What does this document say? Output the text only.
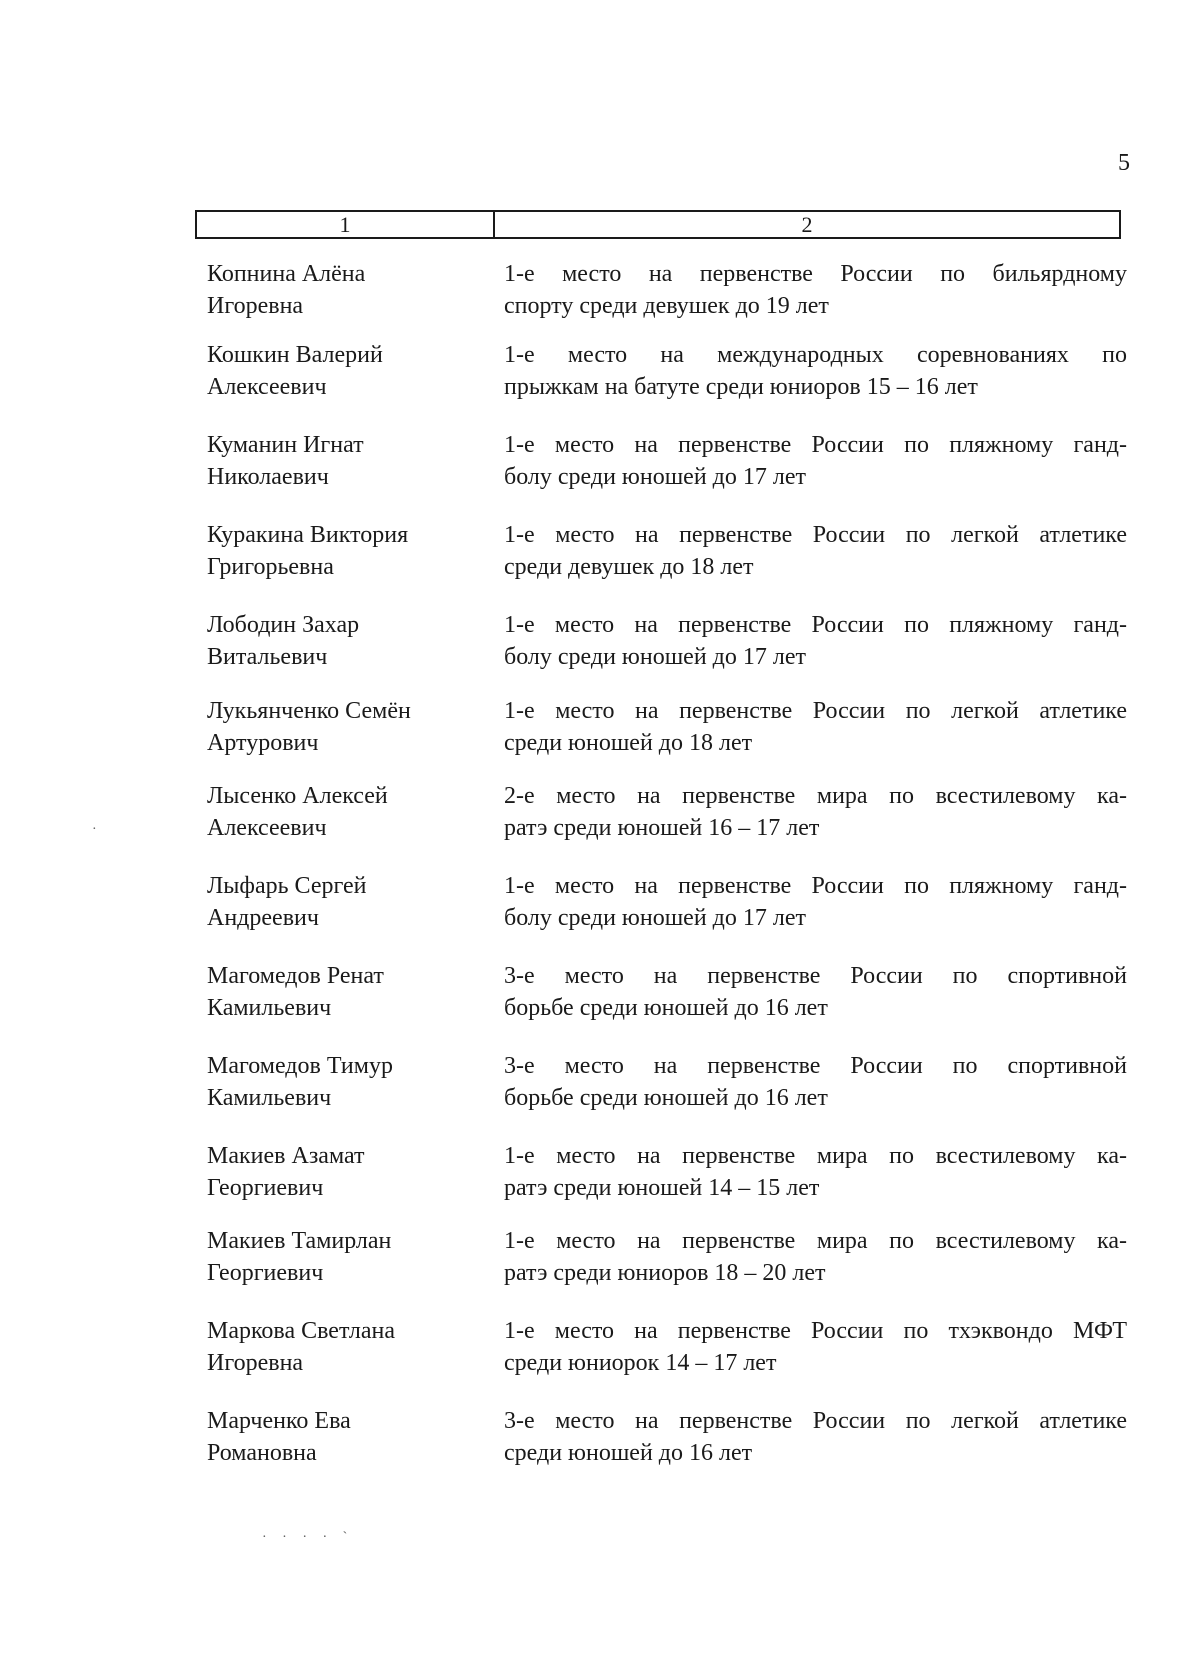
5
1	2
Копнина Алёна
Игоревна
1-е место на первенстве России по бильярдному
спорту среди девушек до 19 лет
Кошкин Валерий
Алексеевич
1-е место на международных соревнованиях по
прыжкам на батуте среди юниоров 15 – 16 лет
Куманин Игнат
Николаевич
1-е место на первенстве России по пляжному ганд-
болу среди юношей до 17 лет
Куракина Виктория
Григорьевна
1-е место на первенстве России по легкой атлетике
среди девушек до 18 лет
Лободин Захар
Витальевич
1-е место на первенстве России по пляжному ганд-
болу среди юношей до 17 лет
Лукьянченко Семён
Артурович
1-е место на первенстве России по легкой атлетике
среди юношей до 18 лет
Лысенко Алексей
Алексеевич
2-е место на первенстве мира по всестилевому ка-
ратэ среди юношей 16 – 17 лет
Лыфарь Сергей
Андреевич
1-е место на первенстве России по пляжному ганд-
болу среди юношей до 17 лет
Магомедов Ренат
Камильевич
3-е место на первенстве России по спортивной
борьбе среди юношей до 16 лет
Магомедов Тимур
Камильевич
3-е место на первенстве России по спортивной
борьбе среди юношей до 16 лет
Макиев Азамат
Георгиевич
1-е место на первенстве мира по всестилевому ка-
ратэ среди юношей 14 – 15 лет
Макиев Тамирлан
Георгиевич
1-е место на первенстве мира по всестилевому ка-
ратэ среди юниоров 18 – 20 лет
Маркова Светлана
Игоревна
1-е место на первенстве России по тхэквондо МФТ
среди юниорок 14 – 17 лет
Марченко Ева
Романовна
3-е место на первенстве России по легкой атлетике
среди юношей до 16 лет
·
· · · · ˋ
